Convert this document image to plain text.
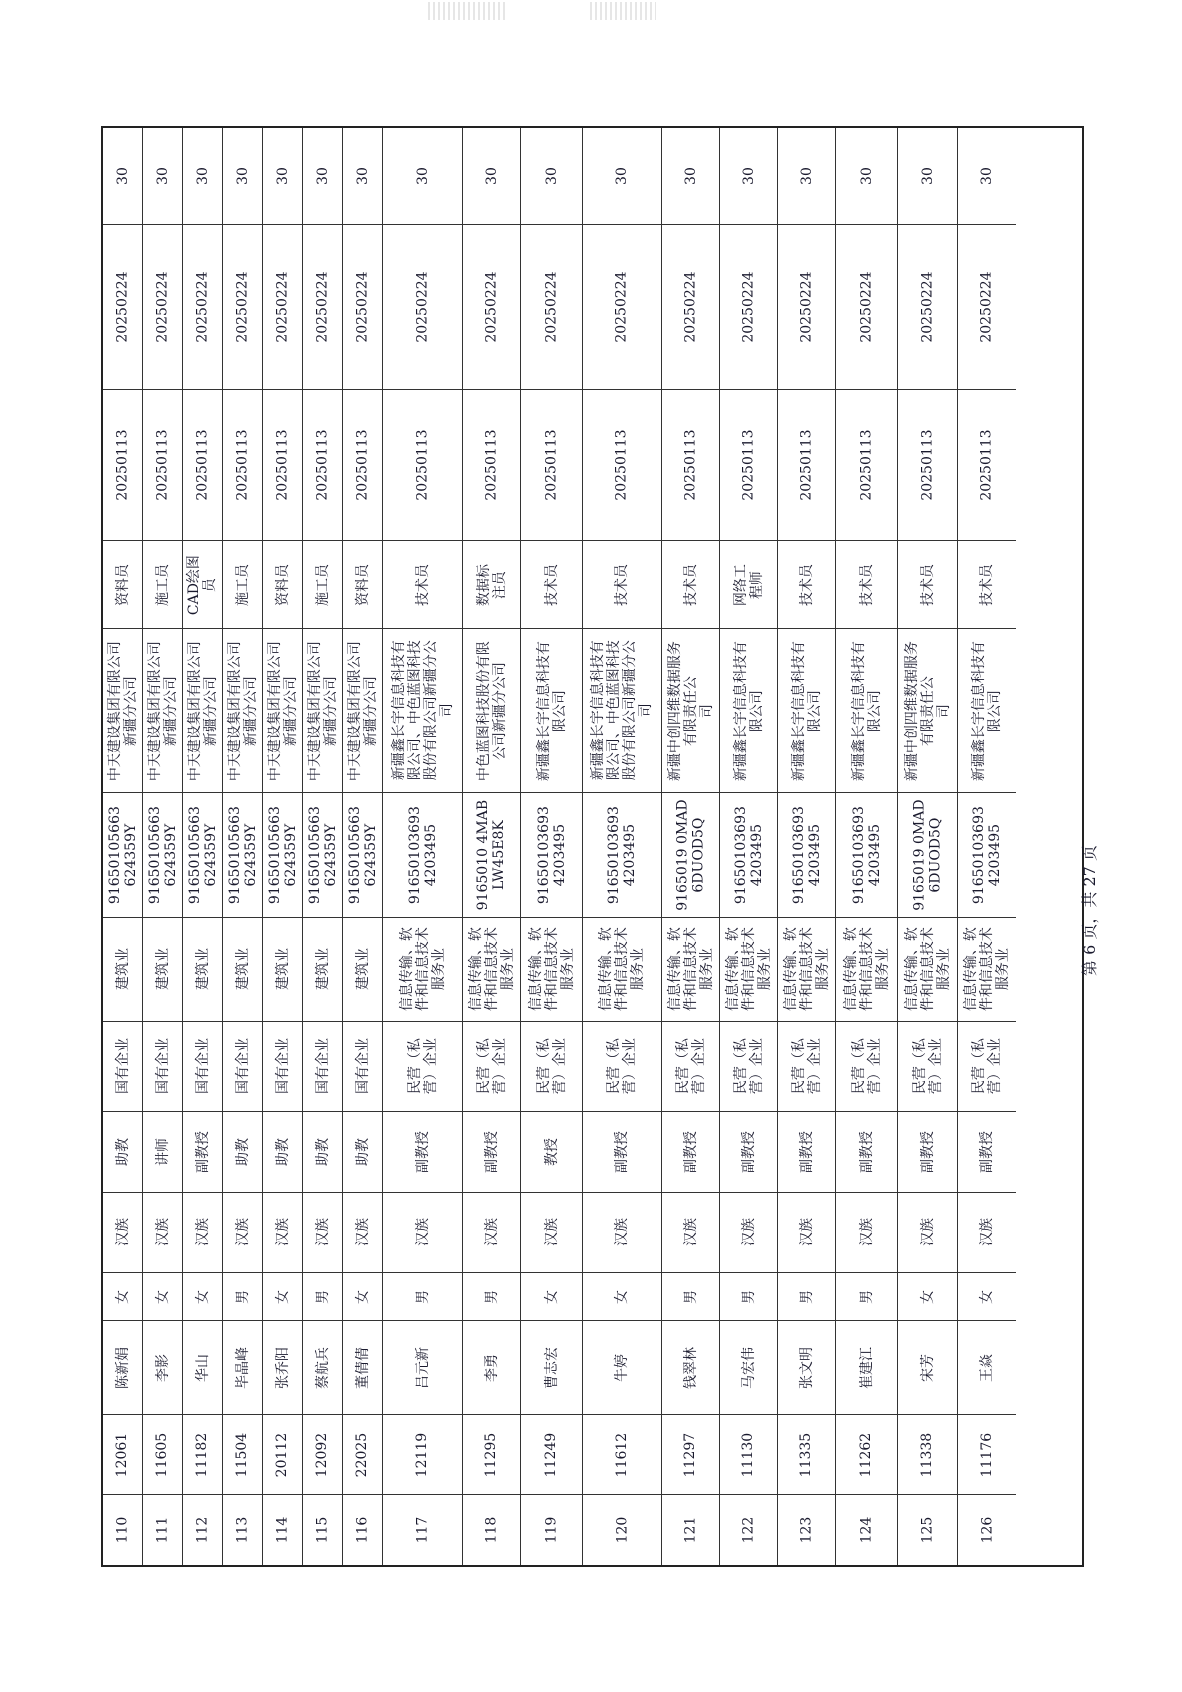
110
12061
陈新娟
女
汉族
助教
国有企业
建筑业
91650105663
624359Y
中天建设集团有限公司
新疆分公司
资料员
20250113
20250224
30
111
11605
李影
女
汉族
讲师
国有企业
建筑业
91650105663
624359Y
中天建设集团有限公司
新疆分公司
施工员
20250113
20250224
30
112
11182
华山
女
汉族
副教授
国有企业
建筑业
91650105663
624359Y
中天建设集团有限公司
新疆分公司
CAD绘图
员
20250113
20250224
30
113
11504
毕晶峰
男
汉族
助教
国有企业
建筑业
91650105663
624359Y
中天建设集团有限公司
新疆分公司
施工员
20250113
20250224
30
114
20112
张乔阳
女
汉族
助教
国有企业
建筑业
91650105663
624359Y
中天建设集团有限公司
新疆分公司
资料员
20250113
20250224
30
115
12092
蔡航兵
男
汉族
助教
国有企业
建筑业
91650105663
624359Y
中天建设集团有限公司
新疆分公司
施工员
20250113
20250224
30
116
22025
董倩倩
女
汉族
助教
国有企业
建筑业
91650105663
624359Y
中天建设集团有限公司
新疆分公司
资料员
20250113
20250224
30
117
12119
吕元新
男
汉族
副教授
民营（私
营）企业
信息传输、软
件和信息技术
服务业
91650103693
4203495
新疆鑫长宇信息科技有
限公司、中色蓝图科技
股份有限公司新疆分公
司
技术员
20250113
20250224
30
118
11295
李勇
男
汉族
副教授
民营（私
营）企业
信息传输、软
件和信息技术
服务业
9165010 4MAB
LW45E8K
中色蓝图科技股份有限
公司新疆分公司
数据标
注员
20250113
20250224
30
119
11249
曹志宏
女
汉族
教授
民营（私
营）企业
信息传输、软
件和信息技术
服务业
91650103693
4203495
新疆鑫长宇信息科技有
限公司
技术员
20250113
20250224
30
120
11612
牛婷
女
汉族
副教授
民营（私
营）企业
信息传输、软
件和信息技术
服务业
91650103693
4203495
新疆鑫长宇信息科技有
限公司、中色蓝图科技
股份有限公司新疆分公
司
技术员
20250113
20250224
30
121
11297
钱翠林
男
汉族
副教授
民营（私
营）企业
信息传输、软
件和信息技术
服务业
9165019 0MAD
6DUOD5Q
新疆中创四维数据服务
有限责任公
司
技术员
20250113
20250224
30
122
11130
马宏伟
男
汉族
副教授
民营（私
营）企业
信息传输、软
件和信息技术
服务业
91650103693
4203495
新疆鑫长宇信息科技有
限公司
网络工
程师
20250113
20250224
30
123
11335
张文明
男
汉族
副教授
民营（私
营）企业
信息传输、软
件和信息技术
服务业
91650103693
4203495
新疆鑫长宇信息科技有
限公司
技术员
20250113
20250224
30
124
11262
崔建江
男
汉族
副教授
民营（私
营）企业
信息传输、软
件和信息技术
服务业
91650103693
4203495
新疆鑫长宇信息科技有
限公司
技术员
20250113
20250224
30
125
11338
宋芳
女
汉族
副教授
民营（私
营）企业
信息传输、软
件和信息技术
服务业
9165019 0MAD
6DUOD5Q
新疆中创四维数据服务
有限责任公
司
技术员
20250113
20250224
30
126
11176
王焱
女
汉族
副教授
民营（私
营）企业
信息传输、软
件和信息技术
服务业
91650103693
4203495
新疆鑫长宇信息科技有
限公司
技术员
20250113
20250224
30
第 6 页，共 27 页
